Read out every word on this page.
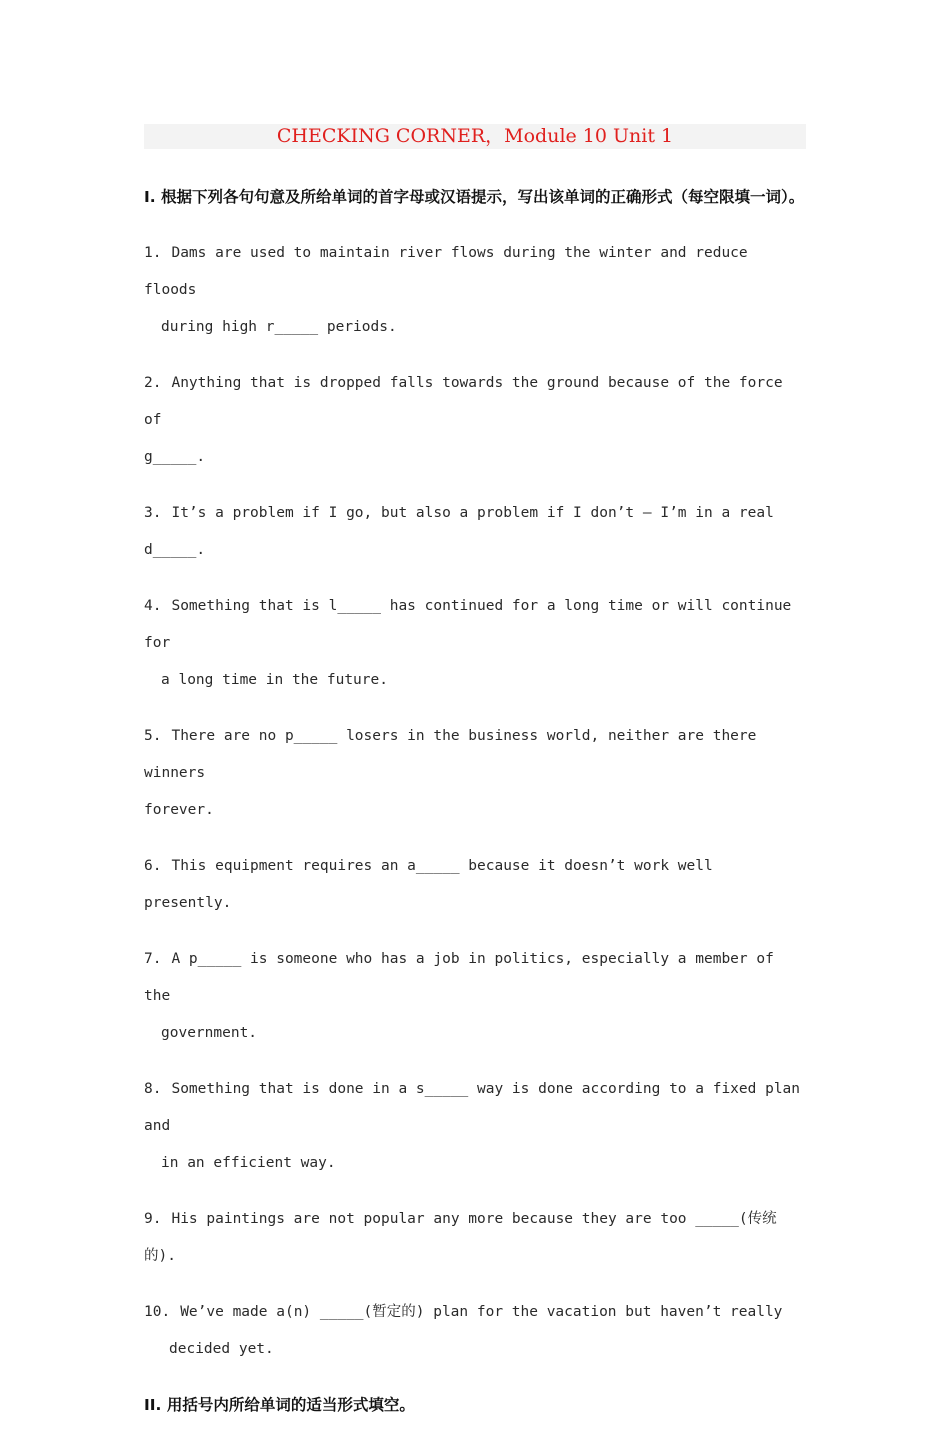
CHECKING CORNER，Module 10 Unit 1
I. 根据下列各句句意及所给单词的首字母或汉语提示，写出该单词的正确形式（每空限填一词）。
1. Dams are used to maintain river flows during the winter and reduce floods
during high r_____ periods.
2. Anything that is dropped falls towards the ground because of the force of
g_____.
3. It’s a problem if I go, but also a problem if I don’t — I’m in a real
d_____.
4. Something that is l_____ has continued for a long time or will continue for
a long time in the future.
5. There are no p_____ losers in the business world, neither are there winners
forever.
6. This equipment requires an a_____ because it doesn’t work well presently.
7. A p_____ is someone who has a job in politics, especially a member of the
government.
8. Something that is done in a s_____ way is done according to a fixed plan and
in an efficient way.
9. His paintings are not popular any more because they are too _____(传统的).
10. We’ve made a(n) _____(暂定的) plan for the vacation but haven’t really
decided yet.
II. 用括号内所给单词的适当形式填空。
